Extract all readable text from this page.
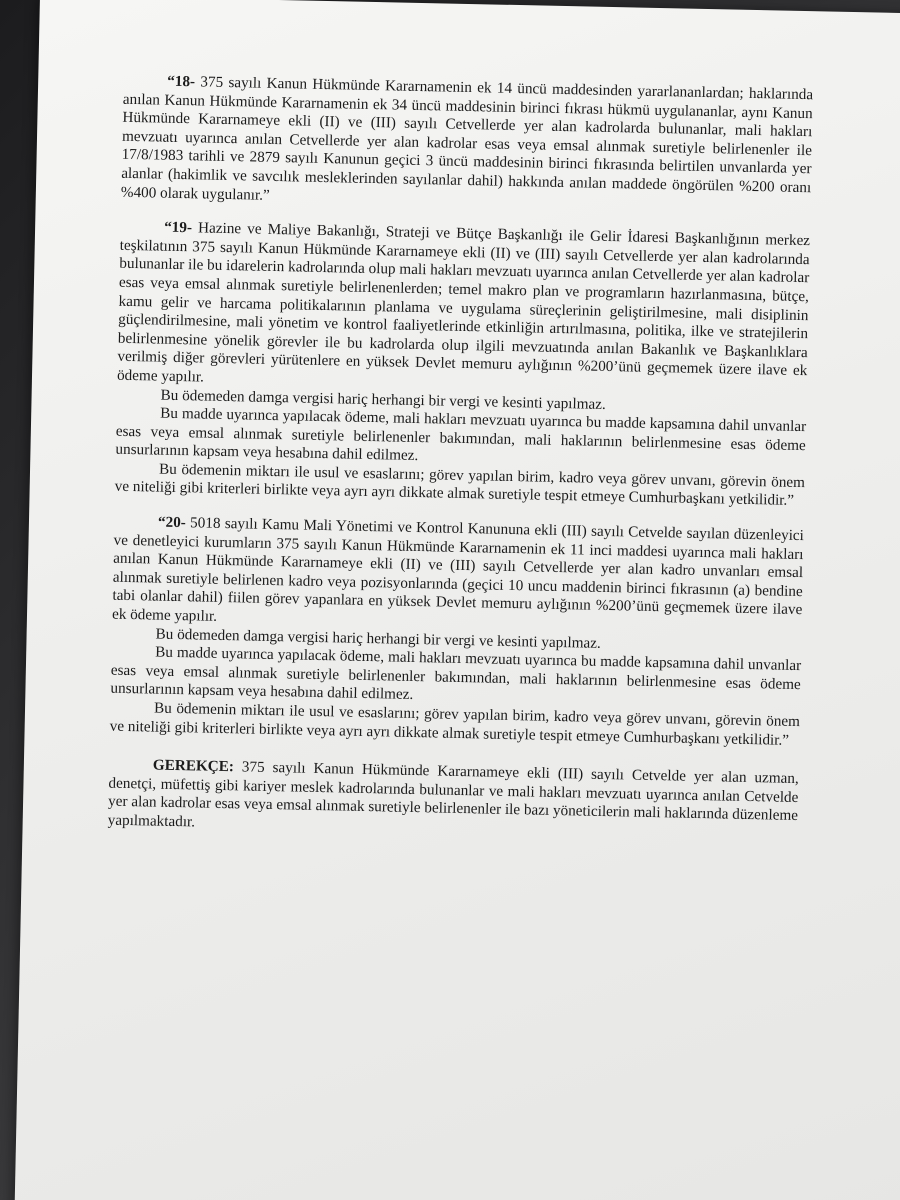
“18- 375 sayılı Kanun Hükmünde Kararnamenin ek 14 üncü maddesinden yararlananlardan; haklarında anılan Kanun Hükmünde Kararnamenin ek 34 üncü maddesinin birinci fıkrası hükmü uygulananlar, aynı Kanun Hükmünde Kararnameye ekli (II) ve (III) sayılı Cetvellerde yer alan kadrolarda bulunanlar, mali hakları mevzuatı uyarınca anılan Cetvellerde yer alan kadrolar esas veya emsal alınmak suretiyle belirlenenler ile 17/8/1983 tarihli ve 2879 sayılı Kanunun geçici 3 üncü maddesinin birinci fıkrasında belirtilen unvanlarda yer alanlar (hakimlik ve savcılık mesleklerinden sayılanlar dahil) hakkında anılan maddede öngörülen %200 oranı %400 olarak uygulanır.”

“19- Hazine ve Maliye Bakanlığı, Strateji ve Bütçe Başkanlığı ile Gelir İdaresi Başkanlığının merkez teşkilatının 375 sayılı Kanun Hükmünde Kararnameye ekli (II) ve (III) sayılı Cetvellerde yer alan kadrolarında bulunanlar ile bu idarelerin kadrolarında olup mali hakları mevzuatı uyarınca anılan Cetvellerde yer alan kadrolar esas veya emsal alınmak suretiyle belirlenenlerden; temel makro plan ve programların hazırlanmasına, bütçe, kamu gelir ve harcama politikalarının planlama ve uygulama süreçlerinin geliştirilmesine, mali disiplinin güçlendirilmesine, mali yönetim ve kontrol faaliyetlerinde etkinliğin artırılmasına, politika, ilke ve stratejilerin belirlenmesine yönelik görevler ile bu kadrolarda olup ilgili mevzuatında anılan Bakanlık ve Başkanlıklara verilmiş diğer görevleri yürütenlere en yüksek Devlet memuru aylığının %200’ünü geçmemek üzere ilave ek ödeme yapılır.

Bu ödemeden damga vergisi hariç herhangi bir vergi ve kesinti yapılmaz.

Bu madde uyarınca yapılacak ödeme, mali hakları mevzuatı uyarınca bu madde kapsamına dahil unvanlar esas veya emsal alınmak suretiyle belirlenenler bakımından, mali haklarının belirlenmesine esas ödeme unsurlarının kapsam veya hesabına dahil edilmez.

Bu ödemenin miktarı ile usul ve esaslarını; görev yapılan birim, kadro veya görev unvanı, görevin önem ve niteliği gibi kriterleri birlikte veya ayrı ayrı dikkate almak suretiyle tespit etmeye Cumhurbaşkanı yetkilidir.”

“20- 5018 sayılı Kamu Mali Yönetimi ve Kontrol Kanununa ekli (III) sayılı Cetvelde sayılan düzenleyici ve denetleyici kurumların 375 sayılı Kanun Hükmünde Kararnamenin ek 11 inci maddesi uyarınca mali hakları anılan Kanun Hükmünde Kararnameye ekli (II) ve (III) sayılı Cetvellerde yer alan kadro unvanları emsal alınmak suretiyle belirlenen kadro veya pozisyonlarında (geçici 10 uncu maddenin birinci fıkrasının (a) bendine tabi olanlar dahil) fiilen görev yapanlara en yüksek Devlet memuru aylığının %200’ünü geçmemek üzere ilave ek ödeme yapılır.

Bu ödemeden damga vergisi hariç herhangi bir vergi ve kesinti yapılmaz.

Bu madde uyarınca yapılacak ödeme, mali hakları mevzuatı uyarınca bu madde kapsamına dahil unvanlar esas veya emsal alınmak suretiyle belirlenenler bakımından, mali haklarının belirlenmesine esas ödeme unsurlarının kapsam veya hesabına dahil edilmez.

Bu ödemenin miktarı ile usul ve esaslarını; görev yapılan birim, kadro veya görev unvanı, görevin önem ve niteliği gibi kriterleri birlikte veya ayrı ayrı dikkate almak suretiyle tespit etmeye Cumhurbaşkanı yetkilidir.”

GEREKÇE: 375 sayılı Kanun Hükmünde Kararnameye ekli (III) sayılı Cetvelde yer alan uzman, denetçi, müfettiş gibi kariyer meslek kadrolarında bulunanlar ve mali hakları mevzuatı uyarınca anılan Cetvelde yer alan kadrolar esas veya emsal alınmak suretiyle belirlenenler ile bazı yöneticilerin mali haklarında düzenleme yapılmaktadır.
